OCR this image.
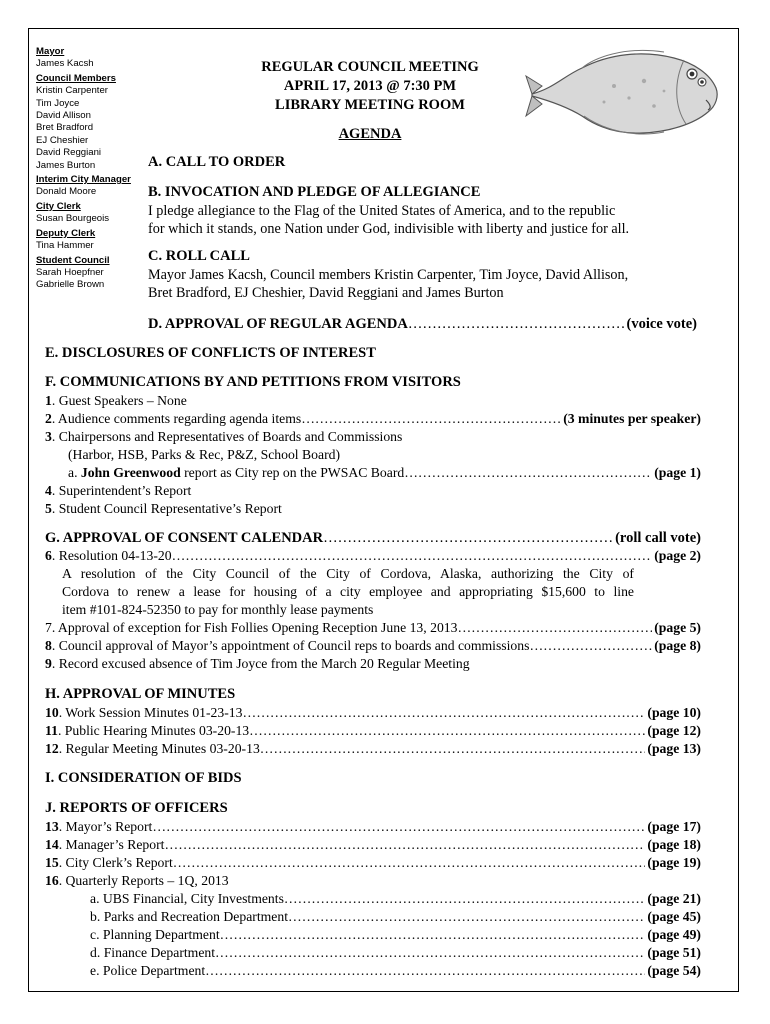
Mayor
James Kacsh
Council Members
Kristin Carpenter
Tim Joyce
David Allison
Bret Bradford
EJ Cheshier
David Reggiani
James Burton
Interim City Manager
Donald Moore
City Clerk
Susan Bourgeois
Deputy Clerk
Tina Hammer
Student Council
Sarah Hoepfner
Gabrielle Brown
REGULAR COUNCIL MEETING
APRIL 17, 2013 @ 7:30 PM
LIBRARY MEETING ROOM
AGENDA
A. CALL TO ORDER
B. INVOCATION AND PLEDGE OF ALLEGIANCE
I pledge allegiance to the Flag of the United States of America, and to the republic
for which it stands, one Nation under God, indivisible with liberty and justice for all.
C. ROLL CALL
Mayor James Kacsh, Council members Kristin Carpenter, Tim Joyce, David Allison,
Bret Bradford, EJ Cheshier, David Reggiani and James Burton
D. APPROVAL OF REGULAR AGENDA ………………………………………………………………………………………………………………………………………………………………………………………………	(voice vote)
E. DISCLOSURES OF CONFLICTS OF INTEREST
F. COMMUNICATIONS BY AND PETITIONS FROM VISITORS
1. Guest Speakers – None
2. Audience comments regarding agenda items ………………………………………………………………………………………………………………………………………………………………………………………………	(3 minutes per speaker)
3. Chairpersons and Representatives of Boards and Commissions
(Harbor, HSB, Parks & Rec, P&Z, School Board)
a. John Greenwood report as City rep on the PWSAC Board ………………………………………………………………………………………………………………………………………………………………………………………………	(page 1)
4. Superintendent’s Report
5. Student Council Representative’s Report
G. APPROVAL OF CONSENT CALENDAR ………………………………………………………………………………………………………………………………………………………………………………………………	(roll call vote)
6. Resolution 04-13-20 ………………………………………………………………………………………………………………………………………………………………………………………………	(page 2)
A resolution of the City Council of the City of Cordova, Alaska, authorizing the City of
Cordova to renew a lease for housing of a city employee and appropriating $15,600 to line
item #101-824-52350 to pay for monthly lease payments
7. Approval of exception for Fish Follies Opening Reception June 13, 2013 ………………………………………………………………………………………………………………………………………………………………………………………………	(page 5)
8. Council approval of Mayor’s appointment of Council reps to boards and commissions ………………………………………………………………………………………………………………………………………………………………………………………………	(page 8)
9. Record excused absence of Tim Joyce from the March 20 Regular Meeting
H. APPROVAL OF MINUTES
10. Work Session Minutes 01-23-13 ………………………………………………………………………………………………………………………………………………………………………………………………	(page 10)
11. Public Hearing Minutes 03-20-13 ………………………………………………………………………………………………………………………………………………………………………………………………	(page 12)
12. Regular Meeting Minutes 03-20-13 ………………………………………………………………………………………………………………………………………………………………………………………………	(page 13)
I. CONSIDERATION OF BIDS
J. REPORTS OF OFFICERS
13. Mayor’s Report ………………………………………………………………………………………………………………………………………………………………………………………………	(page 17)
14. Manager’s Report ………………………………………………………………………………………………………………………………………………………………………………………………	(page 18)
15. City Clerk’s Report ………………………………………………………………………………………………………………………………………………………………………………………………	(page 19)
16. Quarterly Reports – 1Q, 2013
a. UBS Financial, City Investments ………………………………………………………………………………………………………………………………………………………………………………………………	(page 21)
b. Parks and Recreation Department ………………………………………………………………………………………………………………………………………………………………………………………………	(page 45)
c. Planning Department ………………………………………………………………………………………………………………………………………………………………………………………………	(page 49)
d. Finance Department ………………………………………………………………………………………………………………………………………………………………………………………………	(page 51)
e. Police Department ………………………………………………………………………………………………………………………………………………………………………………………………	(page 54)
